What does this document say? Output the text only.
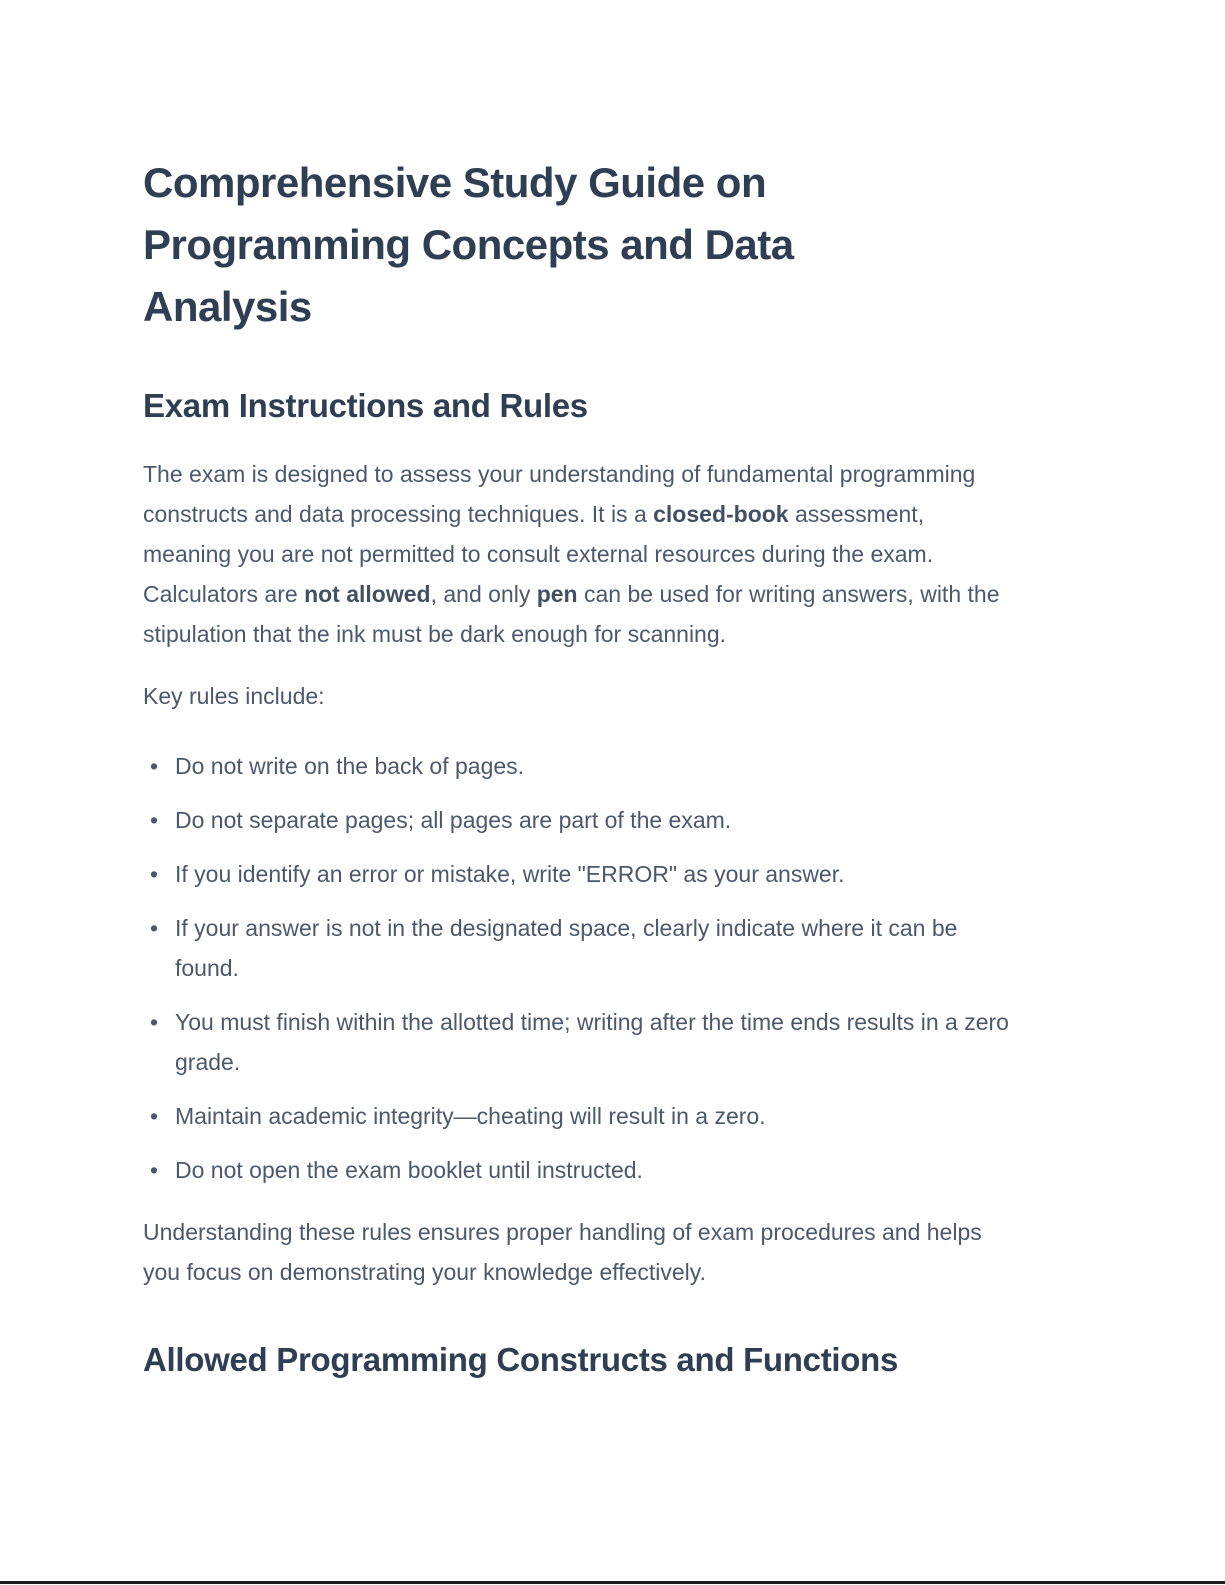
Comprehensive Study Guide on Programming Concepts and Data Analysis
Exam Instructions and Rules

The exam is designed to assess your understanding of fundamental programming constructs and data processing techniques. It is a closed-book assessment, meaning you are not permitted to consult external resources during the exam. Calculators are not allowed, and only pen can be used for writing answers, with the stipulation that the ink must be dark enough for scanning.

Key rules include:

• Do not write on the back of pages.
• Do not separate pages; all pages are part of the exam.
• If you identify an error or mistake, write "ERROR" as your answer.
• If your answer is not in the designated space, clearly indicate where it can be found.
• You must finish within the allotted time; writing after the time ends results in a zero grade.
• Maintain academic integrity—cheating will result in a zero.
• Do not open the exam booklet until instructed.

Understanding these rules ensures proper handling of exam procedures and helps you focus on demonstrating your knowledge effectively.

Allowed Programming Constructs and Functions
